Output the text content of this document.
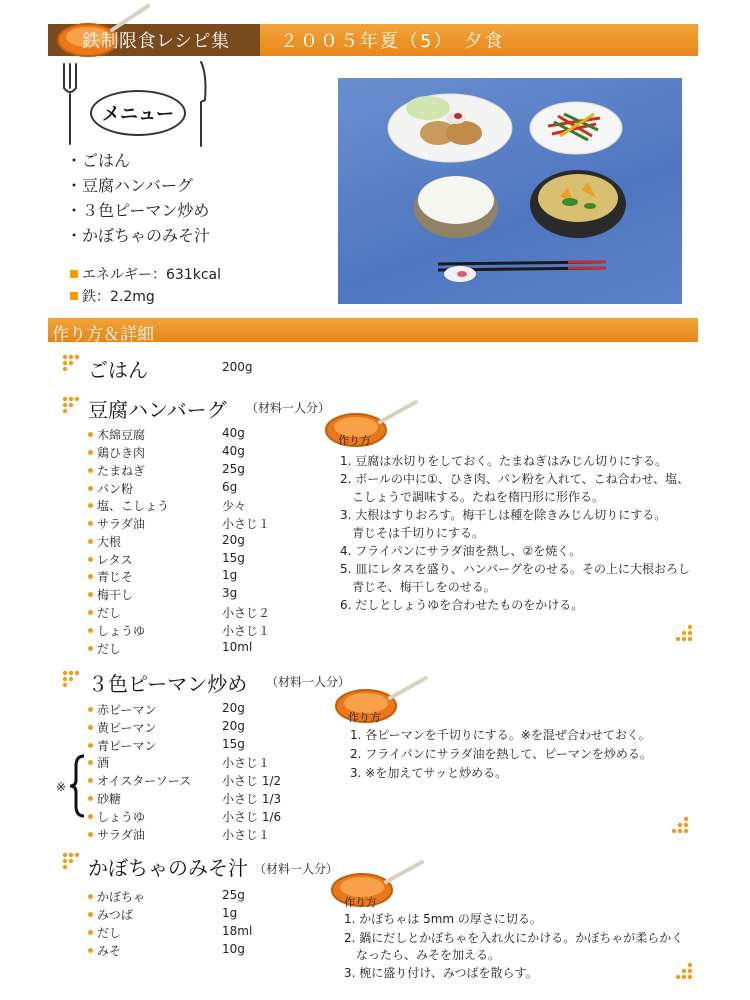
鉄制限食レシピ集	２００５年夏（5）　夕食
メニュー
・ごはん
・豆腐ハンバーグ
・３色ピーマン炒め
・かぼちゃのみそ汁
エネルギー：631kcal
鉄：2.2mg
作り方＆詳細
ごはん	200g
豆腐ハンバーグ （材料一人分）
木綿豆腐	40g
鶏ひき肉	40g
たまねぎ	25g
パン粉	6g
塩、こしょう	少々
サラダ油	小さじ１
大根	20g
レタス	15g
青じそ	1g
梅干し	3g
だし	小さじ２
しょうゆ	小さじ１
だし	10ml
作り方
1. 豆腐は水切りをしておく。たまねぎはみじん切りにする。
2. ボールの中に①、ひき肉、パン粉を入れて、こね合わせ、塩、
　こしょうで調味する。たねを楕円形に形作る。
3. 大根はすりおろす。梅干しは種を除きみじん切りにする。
　青じそは千切りにする。
4. フライパンにサラダ油を熱し、②を焼く。
5. 皿にレタスを盛り、ハンバーグをのせる。その上に大根おろし
　青じそ、梅干しをのせる。
6. だしとしょうゆを合わせたものをかける。
３色ピーマン炒め （材料一人分）
赤ピーマン	20g
黄ピーマン	20g
青ピーマン	15g
酒	小さじ１
オイスターソース	小さじ 1/2
砂糖	小さじ 1/3
しょうゆ	小さじ 1/6
サラダ油	小さじ１
※
作り方
1. 各ピーマンを千切りにする。※を混ぜ合わせておく。
2. フライパンにサラダ油を熱して、ピーマンを炒める。
3. ※を加えてサッと炒める。
かぼちゃのみそ汁 （材料一人分）
かぼちゃ	25g
みつば	1g
だし	18ml
みそ	10g
作り方
1. かぼちゃは 5mm の厚さに切る。
2. 鍋にだしとかぼちゃを入れ火にかける。かぼちゃが柔らかく
　なったら、みそを加える。
3. 椀に盛り付け、みつばを散らす。
